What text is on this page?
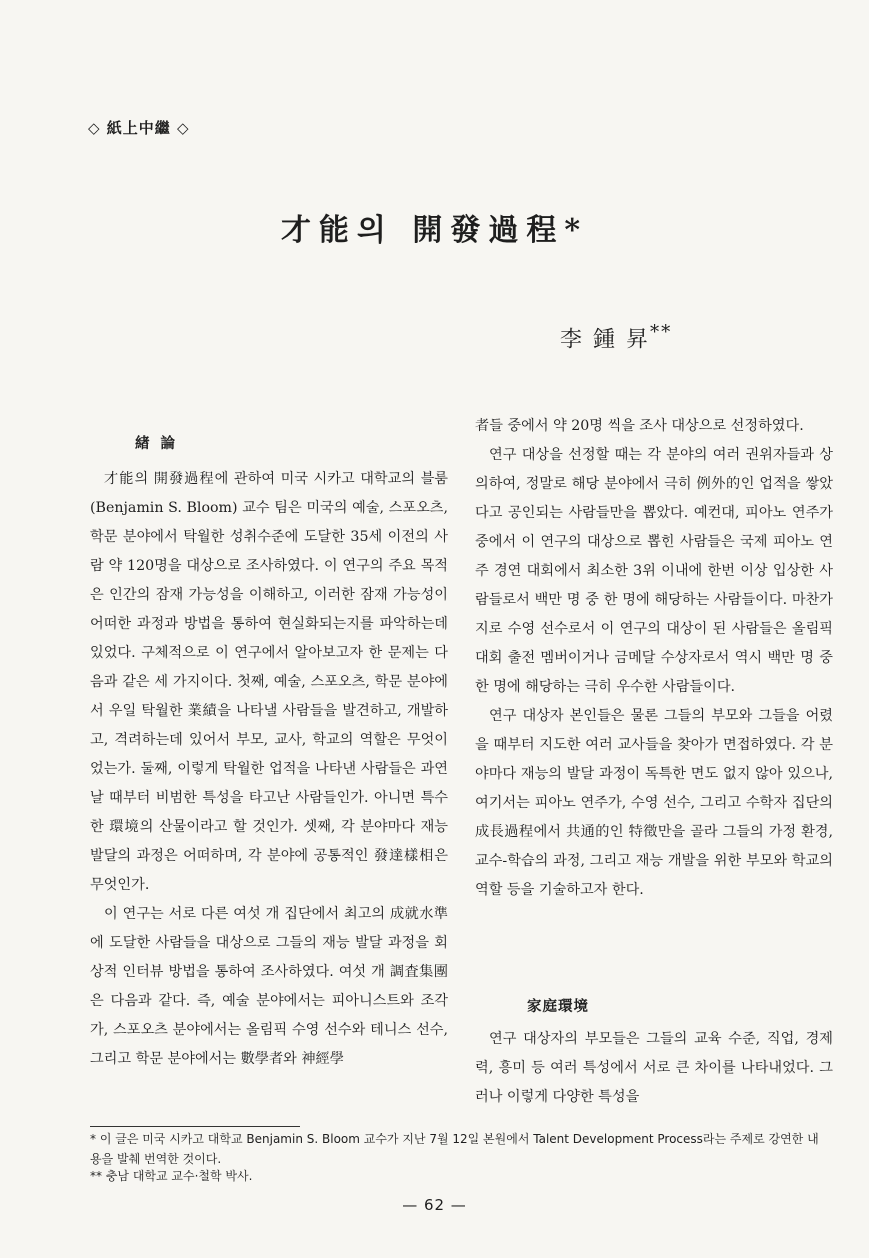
◇ 紙上中繼 ◇
才能의 開發過程*
李 鍾 昇**
緖 論

才能의 開發過程에 관하여 미국 시카고 대학교의 블룸(Benjamin S. Bloom) 교수 팀은 미국의 예술, 스포오츠, 학문 분야에서 탁월한 성취수준에 도달한 35세 이전의 사람 약 120명을 대상으로 조사하였다. 이 연구의 주요 목적은 인간의 잠재 가능성을 이해하고, 이러한 잠재 가능성이 어떠한 과정과 방법을 통하여 현실화되는지를 파악하는데 있었다. 구체적으로 이 연구에서 알아보고자 한 문제는 다음과 같은 세 가지이다. 첫째, 예술, 스포오츠, 학문 분야에서 우일 탁월한 業績을 나타낼 사람들을 발견하고, 개발하고, 격려하는데 있어서 부모, 교사, 학교의 역할은 무엇이었는가. 둘째, 이렇게 탁월한 업적을 나타낸 사람들은 과연 날 때부터 비범한 특성을 타고난 사람들인가. 아니면 특수한 環境의 산물이라고 할 것인가. 셋째, 각 분야마다 재능 발달의 과정은 어떠하며, 각 분야에 공통적인 發達樣相은 무엇인가.

이 연구는 서로 다른 여섯 개 집단에서 최고의 成就水準에 도달한 사람들을 대상으로 그들의 재능 발달 과정을 회상적 인터뷰 방법을 통하여 조사하였다. 여섯 개 調査集團은 다음과 같다. 즉, 예술 분야에서는 피아니스트와 조각가, 스포오츠 분야에서는 올림픽 수영 선수와 테니스 선수, 그리고 학문 분야에서는 數學者와 神經學

者들 중에서 약 20명 씩을 조사 대상으로 선정하였다.

연구 대상을 선정할 때는 각 분야의 여러 권위자들과 상의하여, 정말로 해당 분야에서 극히 例外的인 업적을 쌓았다고 공인되는 사람들만을 뽑았다. 예컨대, 피아노 연주가 중에서 이 연구의 대상으로 뽑힌 사람들은 국제 피아노 연주 경연 대회에서 최소한 3위 이내에 한번 이상 입상한 사람들로서 백만 명 중 한 명에 해당하는 사람들이다. 마찬가지로 수영 선수로서 이 연구의 대상이 된 사람들은 올림픽 대회 출전 멤버이거나 금메달 수상자로서 역시 백만 명 중 한 명에 해당하는 극히 우수한 사람들이다.

연구 대상자 본인들은 물론 그들의 부모와 그들을 어렸을 때부터 지도한 여러 교사들을 찾아가 면접하였다. 각 분야마다 재능의 발달 과정이 독특한 면도 없지 않아 있으나, 여기서는 피아노 연주가, 수영 선수, 그리고 수학자 집단의 成長過程에서 共通的인 特徵만을 골라 그들의 가정 환경, 교수-학습의 과정, 그리고 재능 개발을 위한 부모와 학교의 역할 등을 기술하고자 한다.

家庭環境

연구 대상자의 부모들은 그들의 교육 수준, 직업, 경제력, 흥미 등 여러 특성에서 서로 큰 차이를 나타내었다. 그러나 이렇게 다양한 특성을

* 이 글은 미국 시카고 대학교 Benjamin S. Bloom 교수가 지난 7월 12일 본원에서 Talent Development Process라는 주제로 강연한 내용을 발췌 번역한 것이다.
** 충남 대학교 교수·철학 박사.
— 62 —
